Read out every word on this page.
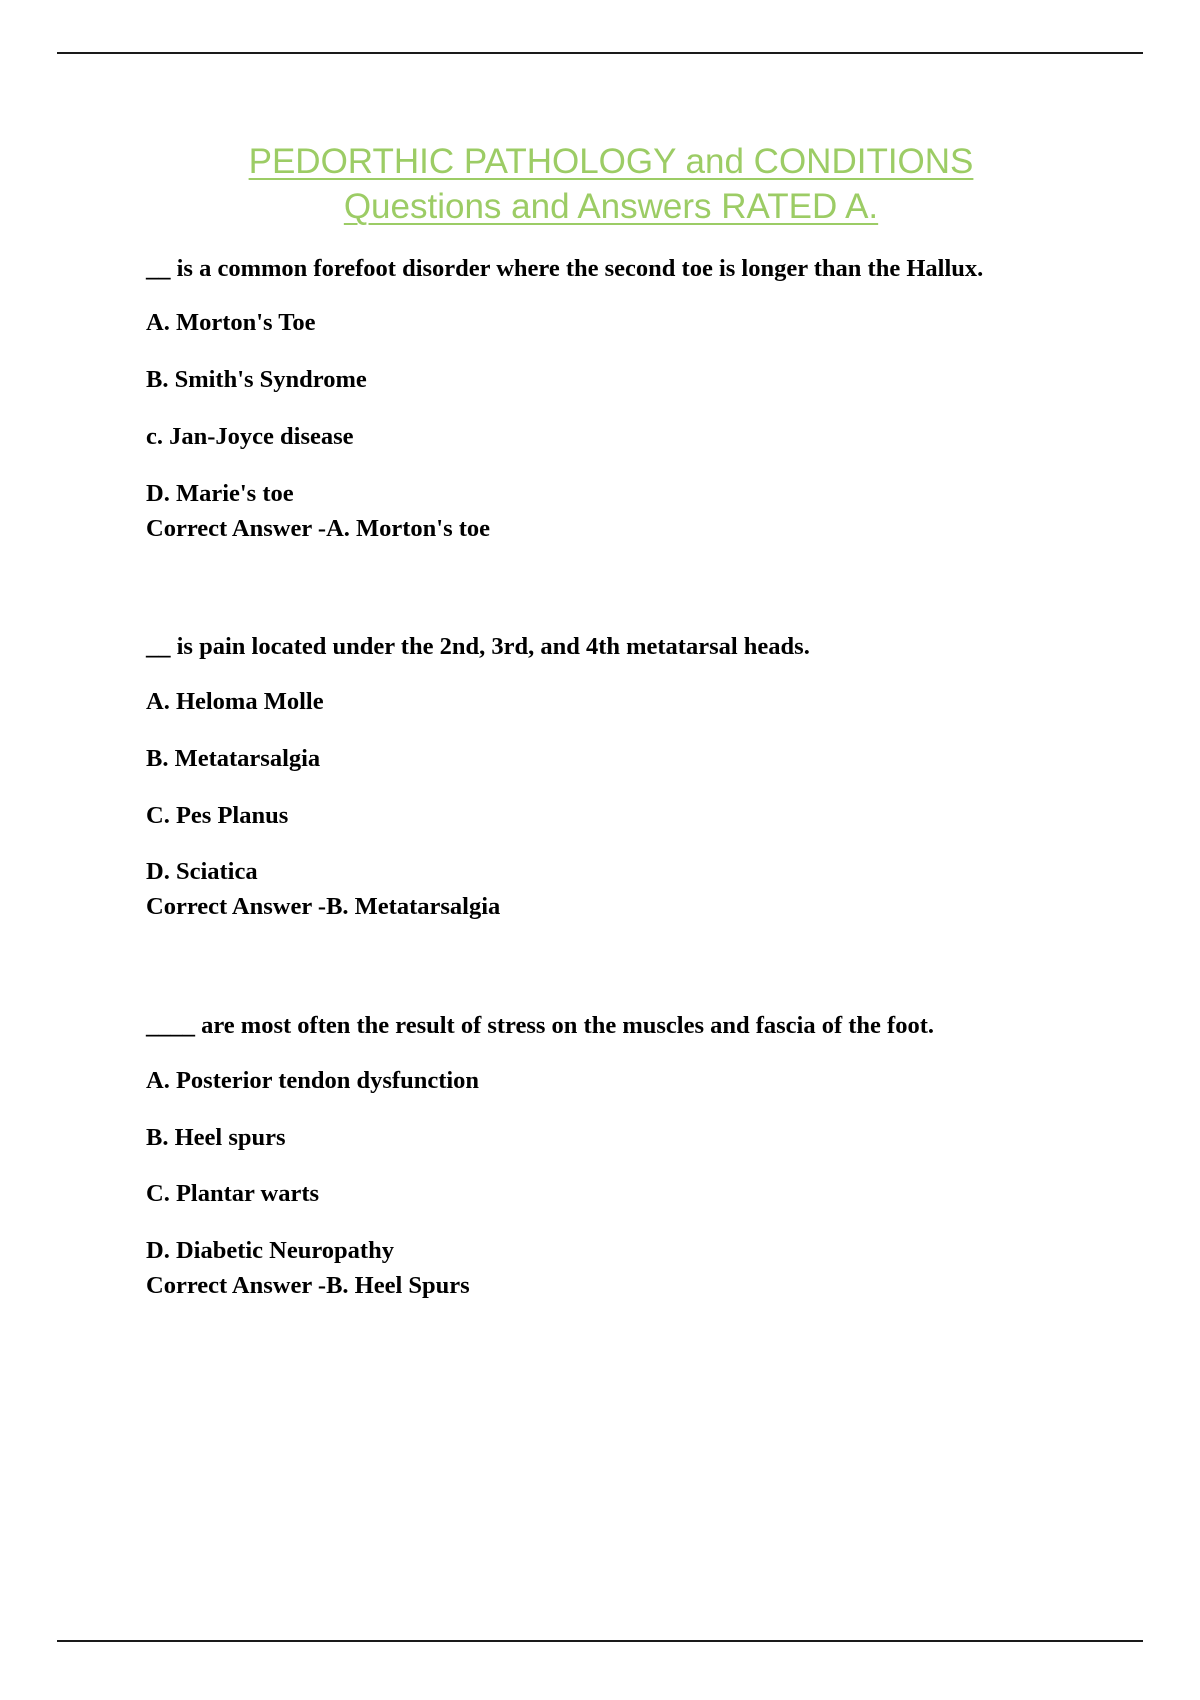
PEDORTHIC PATHOLOGY and CONDITIONS
Questions and Answers RATED A.

__ is a common forefoot disorder where the second toe is longer than the Hallux.

A. Morton's Toe

B. Smith's Syndrome

c. Jan-Joyce disease

D. Marie's toe

Correct Answer -A. Morton's toe

__ is pain located under the 2nd, 3rd, and 4th metatarsal heads.

A. Heloma Molle

B. Metatarsalgia

C. Pes Planus

D. Sciatica

Correct Answer -B. Metatarsalgia

____ are most often the result of stress on the muscles and fascia of the foot.

A. Posterior tendon dysfunction

B. Heel spurs

C. Plantar warts

D. Diabetic Neuropathy

Correct Answer -B. Heel Spurs
